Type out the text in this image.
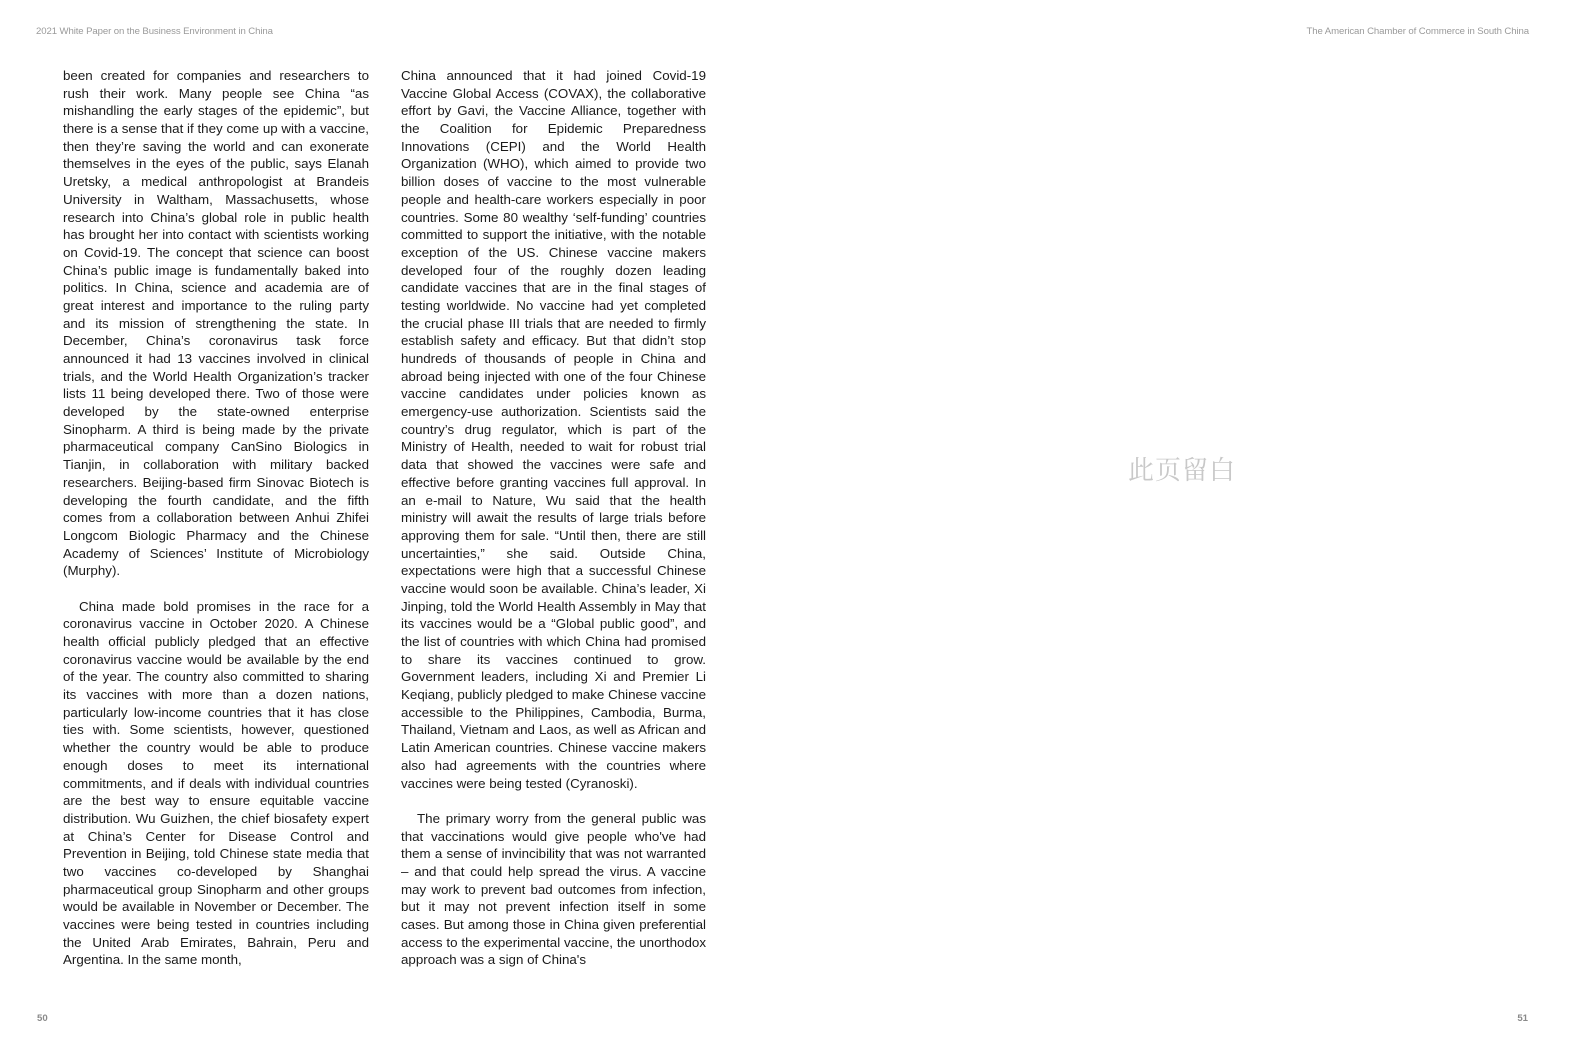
2021 White Paper on the Business Environment in China	The American Chamber of Commerce in South China

been created for companies and researchers to rush their work. Many people see China “as mishandling the early stages of the epidemic”, but there is a sense that if they come up with a vaccine, then they’re saving the world and can exonerate themselves in the eyes of the public, says Elanah Uretsky, a medical anthropologist at Brandeis University in Waltham, Massachusetts, whose research into China’s global role in public health has brought her into contact with scientists working on Covid-19. The concept that science can boost China’s public image is fundamentally baked into politics. In China, science and academia are of great interest and importance to the ruling party and its mission of strengthening the state. In December, China’s coronavirus task force announced it had 13 vaccines involved in clinical trials, and the World Health Organization’s tracker lists 11 being developed there. Two of those were developed by the state-owned enterprise Sinopharm. A third is being made by the private pharmaceutical company CanSino Biologics in Tianjin, in collaboration with military backed researchers. Beijing-based firm Sinovac Biotech is developing the fourth candidate, and the fifth comes from a collaboration between Anhui Zhifei Longcom Biologic Pharmacy and the Chinese Academy of Sciences’ Institute of Microbiology (Murphy).

China made bold promises in the race for a coronavirus vaccine in October 2020. A Chinese health official publicly pledged that an effective coronavirus vaccine would be available by the end of the year. The country also committed to sharing its vaccines with more than a dozen nations, particularly low-income countries that it has close ties with. Some scientists, however, questioned whether the country would be able to produce enough doses to meet its international commitments, and if deals with individual countries are the best way to ensure equitable vaccine distribution. Wu Guizhen, the chief biosafety expert at China’s Center for Disease Control and Prevention in Beijing, told Chinese state media that two vaccines co-developed by Shanghai pharmaceutical group Sinopharm and other groups would be available in November or December. The vaccines were being tested in countries including the United Arab Emirates, Bahrain, Peru and Argentina. In the same month,

China announced that it had joined Covid-19 Vaccine Global Access (COVAX), the collaborative effort by Gavi, the Vaccine Alliance, together with the Coalition for Epidemic Preparedness Innovations (CEPI) and the World Health Organization (WHO), which aimed to provide two billion doses of vaccine to the most vulnerable people and health-care workers especially in poor countries. Some 80 wealthy ‘self-funding’ countries committed to support the initiative, with the notable exception of the US. Chinese vaccine makers developed four of the roughly dozen leading candidate vaccines that are in the final stages of testing worldwide. No vaccine had yet completed the crucial phase III trials that are needed to firmly establish safety and efficacy. But that didn’t stop hundreds of thousands of people in China and abroad being injected with one of the four Chinese vaccine candidates under policies known as emergency-use authorization. Scientists said the country’s drug regulator, which is part of the Ministry of Health, needed to wait for robust trial data that showed the vaccines were safe and effective before granting vaccines full approval. In an e-mail to Nature, Wu said that the health ministry will await the results of large trials before approving them for sale. “Until then, there are still uncertainties,” she said. Outside China, expectations were high that a successful Chinese vaccine would soon be available. China’s leader, Xi Jinping, told the World Health Assembly in May that its vaccines would be a “Global public good”, and the list of countries with which China had promised to share its vaccines continued to grow. Government leaders, including Xi and Premier Li Keqiang, publicly pledged to make Chinese vaccine accessible to the Philippines, Cambodia, Burma, Thailand, Vietnam and Laos, as well as African and Latin American countries. Chinese vaccine makers also had agreements with the countries where vaccines were being tested (Cyranoski).

The primary worry from the general public was that vaccinations would give people who've had them a sense of invincibility that was not warranted – and that could help spread the virus. A vaccine may work to prevent bad outcomes from infection, but it may not prevent infection itself in some cases. But among those in China given preferential access to the experimental vaccine, the unorthodox approach was a sign of China's

此页留白
50	51
